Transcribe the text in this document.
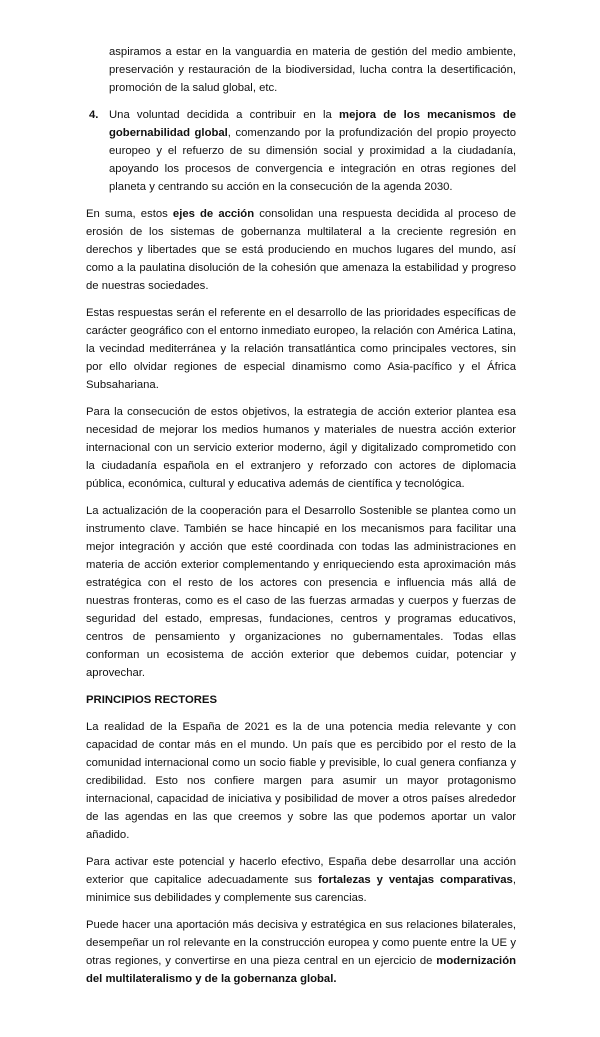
aspiramos a estar en la vanguardia en materia de gestión del medio ambiente, preservación y restauración de la biodiversidad, lucha contra la desertificación, promoción de la salud global, etc.
4. Una voluntad decidida a contribuir en la mejora de los mecanismos de gobernabilidad global, comenzando por la profundización del propio proyecto europeo y el refuerzo de su dimensión social y proximidad a la ciudadanía, apoyando los procesos de convergencia e integración en otras regiones del planeta y centrando su acción en la consecución de la agenda 2030.
En suma, estos ejes de acción consolidan una respuesta decidida al proceso de erosión de los sistemas de gobernanza multilateral a la creciente regresión en derechos y libertades que se está produciendo en muchos lugares del mundo, así como a la paulatina disolución de la cohesión que amenaza la estabilidad y progreso de nuestras sociedades.
Estas respuestas serán el referente en el desarrollo de las prioridades específicas de carácter geográfico con el entorno inmediato europeo, la relación con América Latina, la vecindad mediterránea y la relación transatlántica como principales vectores, sin por ello olvidar regiones de especial dinamismo como Asia-pacífico y el África Subsahariana.
Para la consecución de estos objetivos, la estrategia de acción exterior plantea esa necesidad de mejorar los medios humanos y materiales de nuestra acción exterior internacional con un servicio exterior moderno, ágil y digitalizado comprometido con la ciudadanía española en el extranjero y reforzado con actores de diplomacia pública, económica, cultural y educativa además de científica y tecnológica.
La actualización de la cooperación para el Desarrollo Sostenible se plantea como un instrumento clave. También se hace hincapié en los mecanismos para facilitar una mejor integración y acción que esté coordinada con todas las administraciones en materia de acción exterior complementando y enriqueciendo esta aproximación más estratégica con el resto de los actores con presencia e influencia más allá de nuestras fronteras, como es el caso de las fuerzas armadas y cuerpos y fuerzas de seguridad del estado, empresas, fundaciones, centros y programas educativos, centros de pensamiento y organizaciones no gubernamentales. Todas ellas conforman un ecosistema de acción exterior que debemos cuidar, potenciar y aprovechar.
PRINCIPIOS RECTORES
La realidad de la España de 2021 es la de una potencia media relevante y con capacidad de contar más en el mundo. Un país que es percibido por el resto de la comunidad internacional como un socio fiable y previsible, lo cual genera confianza y credibilidad. Esto nos confiere margen para asumir un mayor protagonismo internacional, capacidad de iniciativa y posibilidad de mover a otros países alrededor de las agendas en las que creemos y sobre las que podemos aportar un valor añadido.
Para activar este potencial y hacerlo efectivo, España debe desarrollar una acción exterior que capitalice adecuadamente sus fortalezas y ventajas comparativas, minimice sus debilidades y complemente sus carencias.
Puede hacer una aportación más decisiva y estratégica en sus relaciones bilaterales, desempeñar un rol relevante en la construcción europea y como puente entre la UE y otras regiones, y convertirse en una pieza central en un ejercicio de modernización del multilateralismo y de la gobernanza global.
